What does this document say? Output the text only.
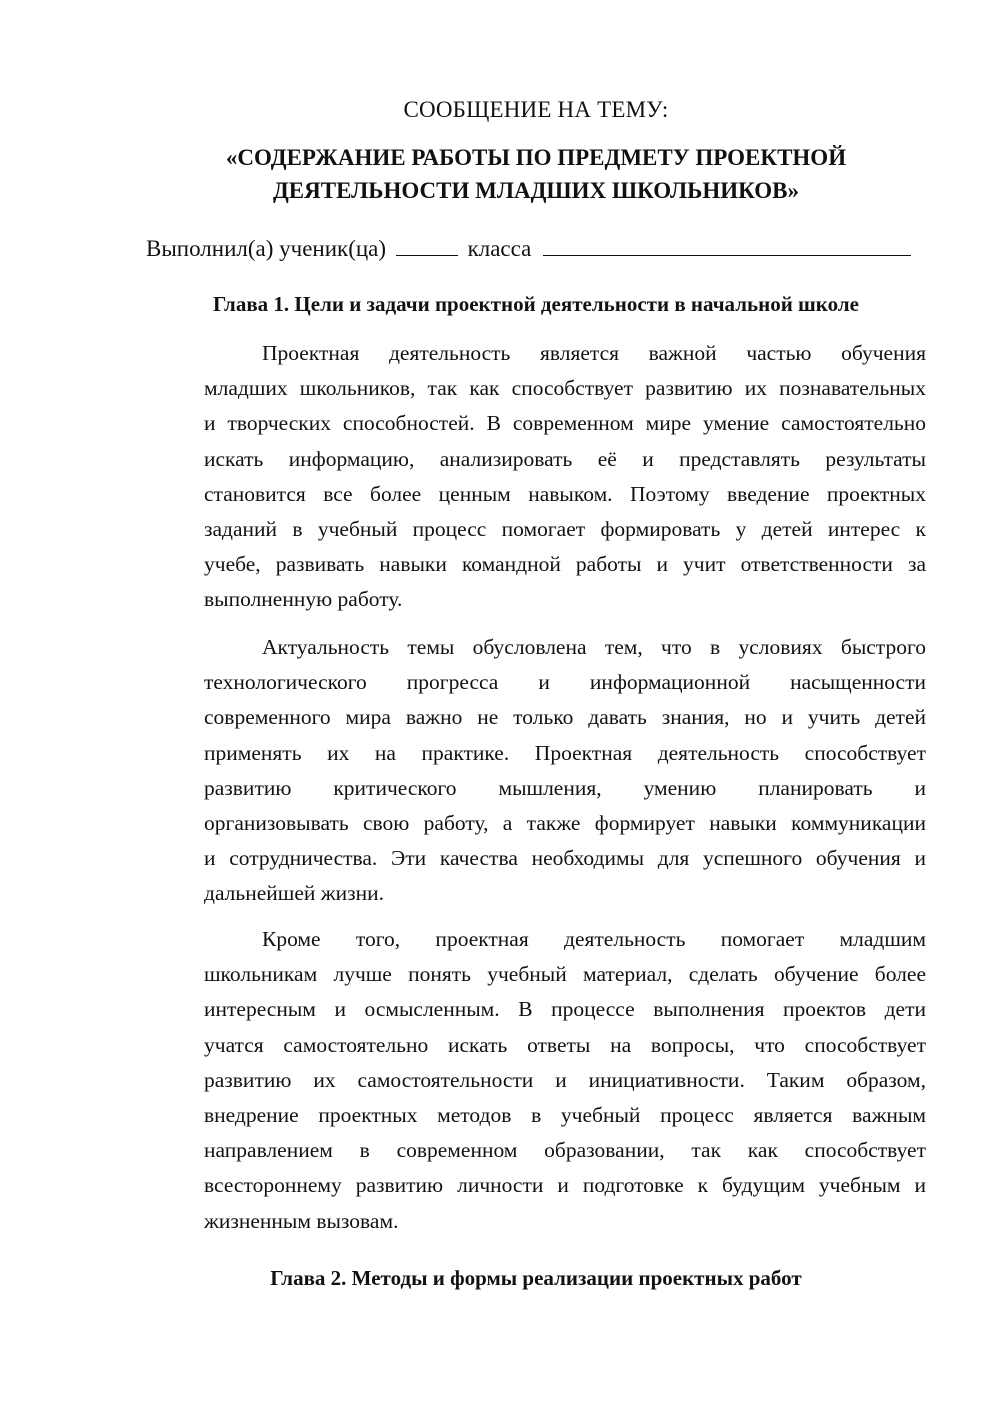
СООБЩЕНИЕ НА ТЕМУ:
«СОДЕРЖАНИЕ РАБОТЫ ПО ПРЕДМЕТУ ПРОЕКТНОЙ
ДЕЯТЕЛЬНОСТИ МЛАДШИХ ШКОЛЬНИКОВ»
Выполнил(а) ученик(ца)	класса
Глава 1. Цели и задачи проектной деятельности в начальной школе
Проектная деятельность является важной частью обучения
младших школьников, так как способствует развитию их познавательных
и творческих способностей. В современном мире умение самостоятельно
искать информацию, анализировать её и представлять результаты
становится все более ценным навыком. Поэтому введение проектных
заданий в учебный процесс помогает формировать у детей интерес к
учебе, развивать навыки командной работы и учит ответственности за
выполненную работу.
Актуальность темы обусловлена тем, что в условиях быстрого
технологического прогресса и информационной насыщенности
современного мира важно не только давать знания, но и учить детей
применять их на практике. Проектная деятельность способствует
развитию критического мышления, умению планировать и
организовывать свою работу, а также формирует навыки коммуникации
и сотрудничества. Эти качества необходимы для успешного обучения и
дальнейшей жизни.
Кроме того, проектная деятельность помогает младшим
школьникам лучше понять учебный материал, сделать обучение более
интересным и осмысленным. В процессе выполнения проектов дети
учатся самостоятельно искать ответы на вопросы, что способствует
развитию их самостоятельности и инициативности. Таким образом,
внедрение проектных методов в учебный процесс является важным
направлением в современном образовании, так как способствует
всестороннему развитию личности и подготовке к будущим учебным и
жизненным вызовам.
Глава 2. Методы и формы реализации проектных работ
